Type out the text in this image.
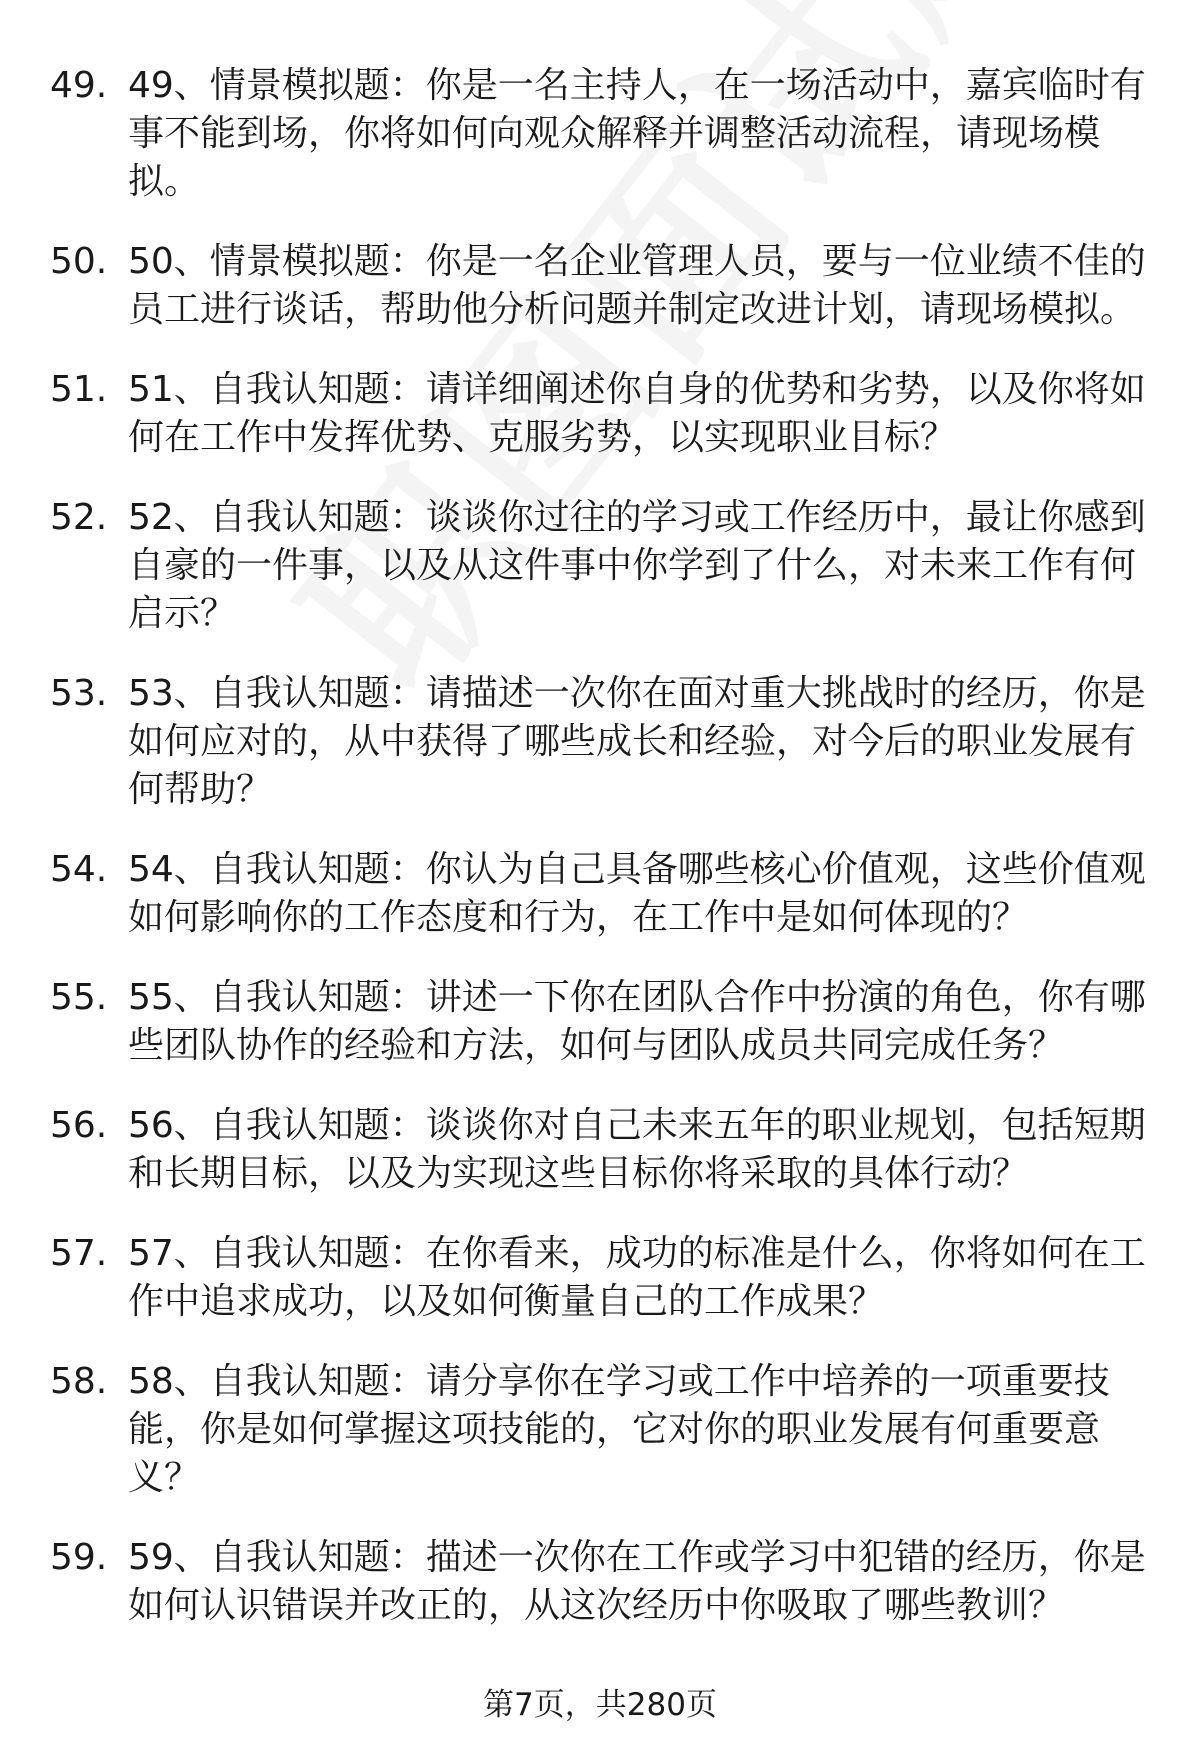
49. 49、情景模拟题：你是一名主持人，在一场活动中，嘉宾临时有事不能到场，你将如何向观众解释并调整活动流程，请现场模拟。
50. 50、情景模拟题：你是一名企业管理人员，要与一位业绩不佳的员工进行谈话，帮助他分析问题并制定改进计划，请现场模拟。
51. 51、自我认知题：请详细阐述你自身的优势和劣势，以及你将如何在工作中发挥优势、克服劣势，以实现职业目标？
52. 52、自我认知题：谈谈你过往的学习或工作经历中，最让你感到自豪的一件事，以及从这件事中你学到了什么，对未来工作有何启示？
53. 53、自我认知题：请描述一次你在面对重大挑战时的经历，你是如何应对的，从中获得了哪些成长和经验，对今后的职业发展有何帮助？
54. 54、自我认知题：你认为自己具备哪些核心价值观，这些价值观如何影响你的工作态度和行为，在工作中是如何体现的？
55. 55、自我认知题：讲述一下你在团队合作中扮演的角色，你有哪些团队协作的经验和方法，如何与团队成员共同完成任务？
56. 56、自我认知题：谈谈你对自己未来五年的职业规划，包括短期和长期目标，以及为实现这些目标你将采取的具体行动？
57. 57、自我认知题：在你看来，成功的标准是什么，你将如何在工作中追求成功，以及如何衡量自己的工作成果？
58. 58、自我认知题：请分享你在学习或工作中培养的一项重要技能，你是如何掌握这项技能的，它对你的职业发展有何重要意义？
59. 59、自我认知题：描述一次你在工作或学习中犯错的经历，你是如何认识错误并改正的，从这次经历中你吸取了哪些教训？
第7页，共280页
